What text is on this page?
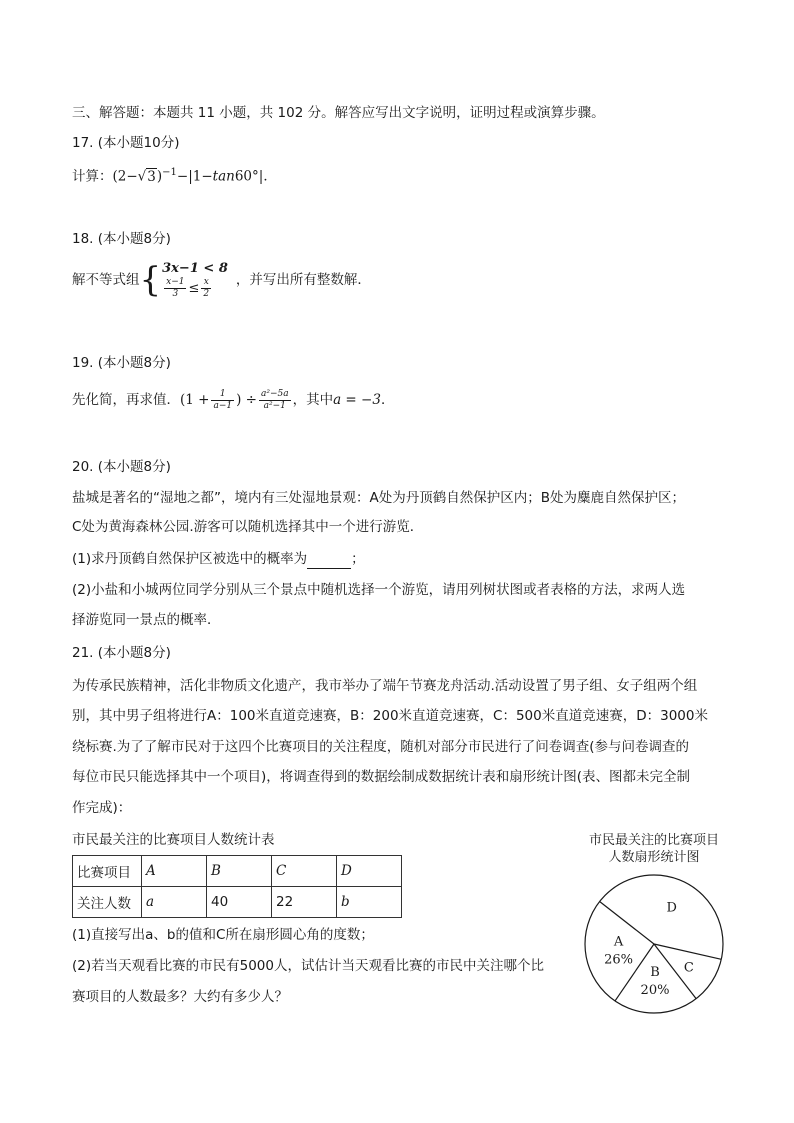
三、解答题：本题共 11 小题，共 102 分。解答应写出文字说明，证明过程或演算步骤。
17. (本小题10分)
计算：$(2-√3)^{-1}-|1-\tan 60^\circ|$．
18. (本小题8分)
解不等式组{ 3x−1 < 8
$\frac{x-1}{3} \le \frac{x}{2}$ ，并写出所有整数解．
19. (本小题8分)
先化简，再求值．($1 + \frac{1}{a-1}$ ) ÷ $\frac{\text{a²−5a}}{\text{a²−1}}$ ，其中a = −3．
20. (本小题8分)
盐城是著名的“湿地之都”，境内有三处湿地景观：A处为丹顶鹤自然保护区内；B处为麋鹿自然保护区；
C处为黄海森林公园.游客可以随机选择其中一个进行游览．
(1)求丹顶鹤自然保护区被选中的概率为	；
(2)小盐和小城两位同学分别从三个景点中随机选择一个游览，请用列树状图或者表格的方法，求两人选
择游览同一景点的概率．
21. (本小题8分)
为传承民族精神，活化非物质文化遗产，我市举办了端午节赛龙舟活动.活动设置了男子组、女子组两个组
别，其中男子组将进行A：100米直道竞速赛，B：200米直道竞速赛，C：500米直道竞速赛，D：3000米
绕标赛.为了了解市民对于这四个比赛项目的关注程度，随机对部分市民进行了问卷调查(参与问卷调查的
每位市民只能选择其中一个项目)，将调查得到的数据绘制成数据统计表和扇形统计图(表、图都未完全制
作完成)：
市民最关注的比赛项目人数统计表
比赛项目	A	B	C	D
关注人数	a	40	22	b
(1)直接写出a、b的值和C所在扇形圆心角的度数；
(2)若当天观看比赛的市民有5000人，试估计当天观看比赛的市民中关注哪个比
赛项目的人数最多？大约有多少人？
市民最关注的比赛项目
人数扇形统计图
A
26%
B
20%
C
D
